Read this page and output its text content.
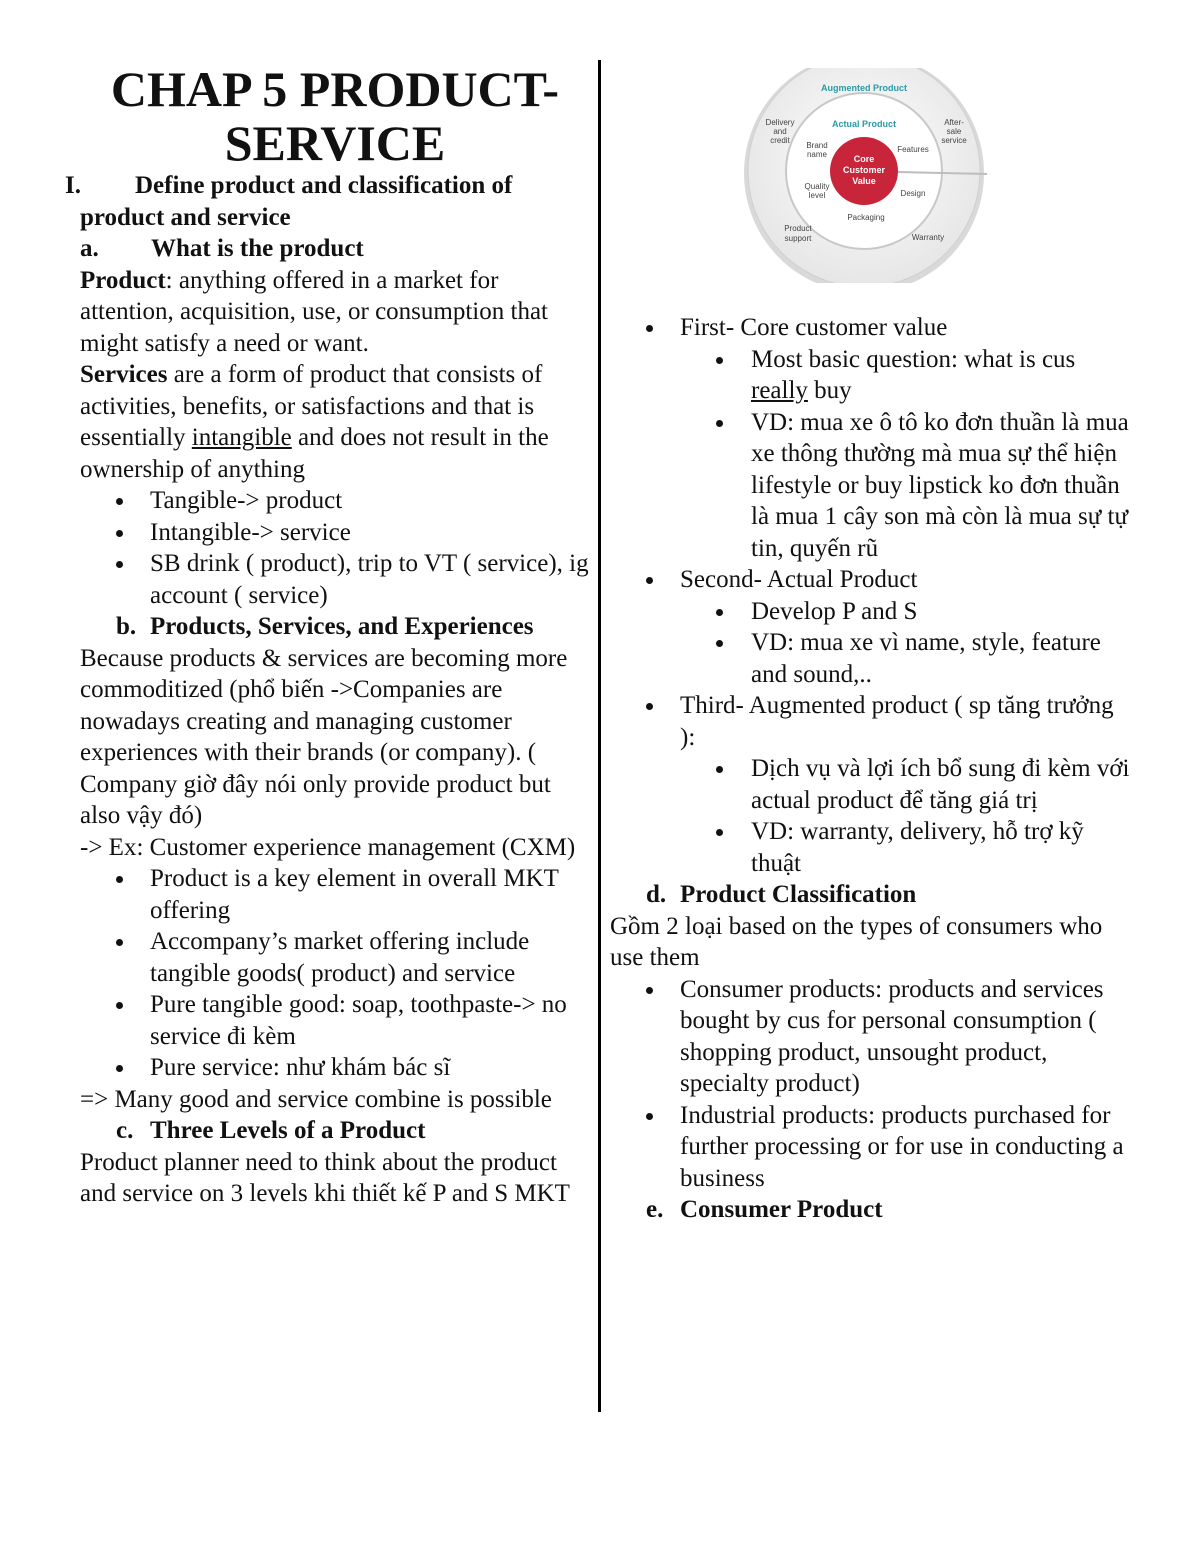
CHAP 5 PRODUCT-
SERVICE
I. Define product and classification of
product and service
a. What is the product

Product: anything offered in a market for attention, acquisition, use, or consumption that might satisfy a need or want.

Services are a form of product that consists of activities, benefits, or satisfactions and that is essentially intangible and does not result in the ownership of anything

Tangible-> product
Intangible-> service
SB drink ( product), trip to VT ( service), ig account ( service)
b. Products, Services, and Experiences

Because products & services are becoming more commoditized (phổ biến ->Companies are nowadays creating and managing customer experiences with their brands (or company). ( Company giờ đây nói only provide product but also vậy đó)

-> Ex: Customer experience management (CXM)

Product is a key element in overall MKT offering
Accompany’s market offering include tangible goods( product) and service
Pure tangible good: soap, toothpaste-> no service đi kèm
Pure service: như khám bác sĩ

=> Many good and service combine is possible

c. Three Levels of a Product

Product planner need to think about the product and service on 3 levels khi thiết kế P and S MKT

Augmented Product
Actual Product
Core
Customer
Value
Delivery
and
credit
After-
sale
service
Product
support	Warranty
Brand
name
Features
Quality
level	Design
Packaging
First- Core customer value
Most basic question: what is cus really buy
VD: mua xe ô tô ko đơn thuần là mua xe thông thường mà mua sự thể hiện lifestyle or buy lipstick ko đơn thuần là mua 1 cây son mà còn là mua sự tự tin, quyến rũ
Second- Actual Product
Develop P and S
VD: mua xe vì name, style, feature and sound,..
Third- Augmented product ( sp tăng trưởng ):
Dịch vụ và lợi ích bổ sung đi kèm với actual product để tăng giá trị
VD: warranty, delivery, hỗ trợ kỹ thuật
d. Product Classification

Gồm 2 loại based on the types of consumers who use them

Consumer products: products and services bought by cus for personal consumption ( shopping product, unsought product, specialty product)
Industrial products: products purchased for further processing or for use in conducting a business
e. Consumer Product
